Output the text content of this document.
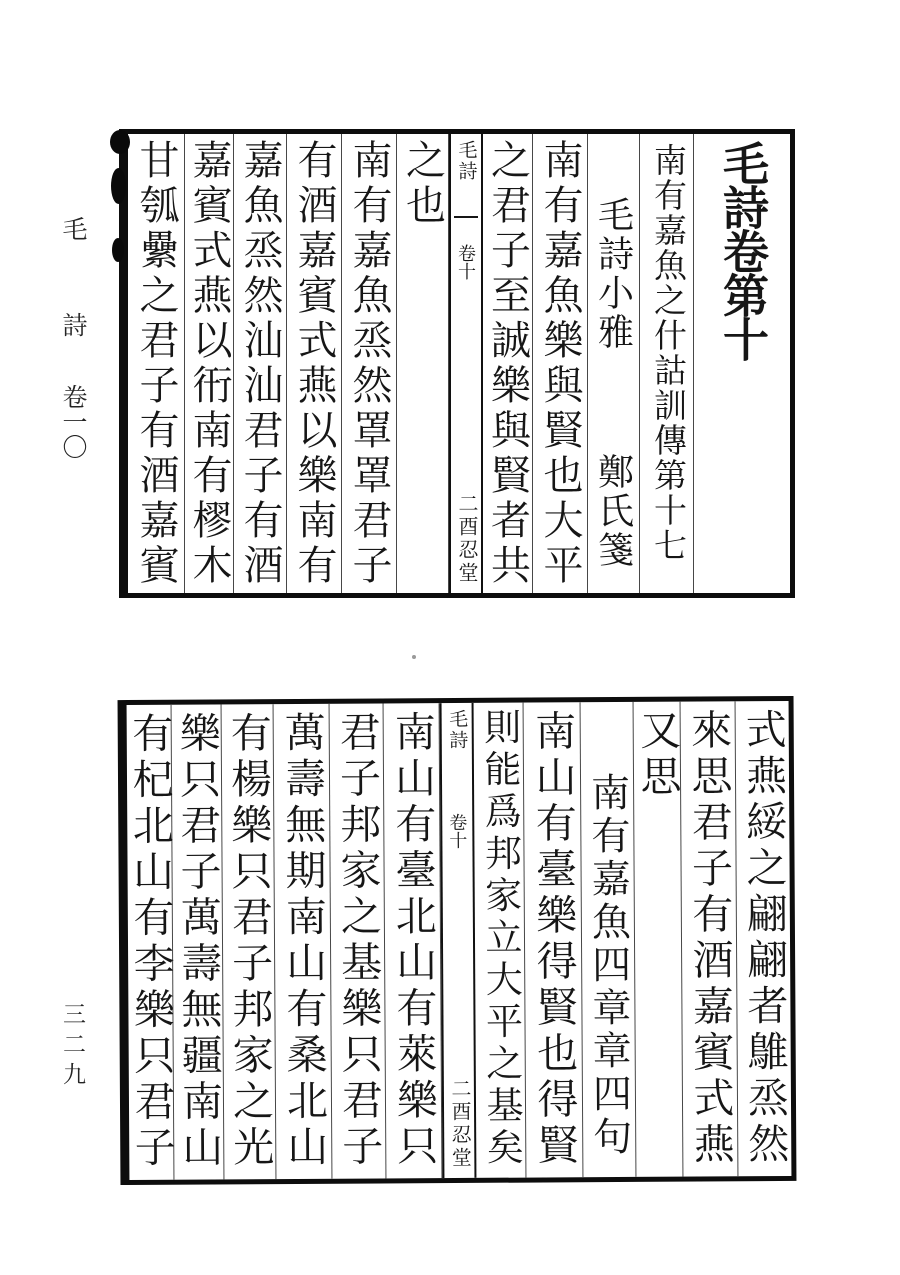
毛 詩 卷一〇
三二九
毛詩卷第十
南有嘉魚之什詁訓傳第十七
毛詩小雅 鄭氏箋
南有嘉魚樂與賢也大平
之君子至誠樂與賢者共
毛詩
卷十
二酉忍堂
之也
南有嘉魚烝然罩罩君子
有酒嘉賓式燕以樂南有
嘉魚烝然汕汕君子有酒
嘉賓式燕以衎南有樛木
甘瓠纍之君子有酒嘉賓
式燕綏之翩翩者鵻烝然
來思君子有酒嘉賓式燕
又思
南有嘉魚四章章四句
南山有臺樂得賢也得賢
則能爲邦家立大平之基矣
毛詩
卷十
二酉忍堂
南山有臺北山有萊樂只
君子邦家之基樂只君子
萬壽無期南山有桑北山
有楊樂只君子邦家之光
樂只君子萬壽無疆南山
有杞北山有李樂只君子
